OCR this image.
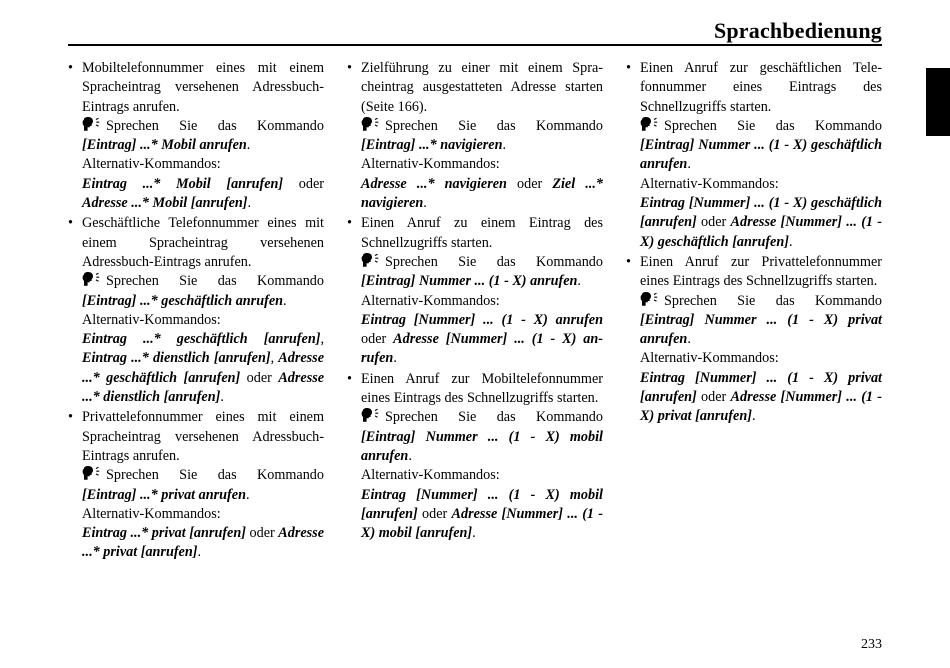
Sprachbedienung
• Mobiltelefonnummer eines mit einem Spracheintrag versehenen Adressbuch-Eintrags anrufen.
Sprechen Sie das Kommando [Eintrag] ...* Mobil anrufen.
Alternativ-Kommandos:
Eintrag ...* Mobil [anrufen] oder Adresse ...* Mobil [anrufen].
• Geschäftliche Telefonnummer eines mit einem Spracheintrag versehenen Adressbuch-Eintrags anrufen.
Sprechen Sie das Kommando [Eintrag] ...* geschäftlich anrufen.
Alternativ-Kommandos:
Eintrag ...* geschäftlich [anrufen], Eintrag ...* dienstlich [anrufen], Adresse ...* geschäftlich [anrufen] oder Adresse ...* dienstlich [anrufen].
• Privattelefonnummer eines mit einem Spracheintrag versehenen Adressbuch-Eintrags anrufen.
Sprechen Sie das Kommando [Eintrag] ...* privat anrufen.
Alternativ-Kommandos:
Eintrag ...* privat [anrufen] oder Adresse ...* privat [anrufen].
• Zielführung zu einer mit einem Spracheintrag ausgestatteten Adresse starten (Seite 166).
Sprechen Sie das Kommando [Eintrag] ...* navigieren.
Alternativ-Kommandos:
Adresse ...* navigieren oder Ziel ...* navigieren.
• Einen Anruf zu einem Eintrag des Schnellzugriffs starten.
Sprechen Sie das Kommando [Eintrag] Nummer ... (1 - X) anrufen.
Alternativ-Kommandos:
Eintrag [Nummer] ... (1 - X) anrufen oder Adresse [Nummer] ... (1 - X) anrufen.
• Einen Anruf zur Mobiltelefonnummer eines Eintrags des Schnellzugriffs starten.
Sprechen Sie das Kommando [Eintrag] Nummer ... (1 - X) mobil anrufen.
Alternativ-Kommandos:
Eintrag [Nummer] ... (1 - X) mobil [anrufen] oder Adresse [Nummer] ... (1 - X) mobil [anrufen].
• Einen Anruf zur geschäftlichen Telefonnummer eines Eintrags des Schnellzugriffs starten.
Sprechen Sie das Kommando [Eintrag] Nummer ... (1 - X) geschäftlich anrufen.
Alternativ-Kommandos:
Eintrag [Nummer] ... (1 - X) geschäftlich [anrufen] oder Adresse [Nummer] ... (1 - X) geschäftlich [anrufen].
• Einen Anruf zur Privattelefonnummer eines Eintrags des Schnellzugriffs starten.
Sprechen Sie das Kommando [Eintrag] Nummer ... (1 - X) privat anrufen.
Alternativ-Kommandos:
Eintrag [Nummer] ... (1 - X) privat [anrufen] oder Adresse [Nummer] ... (1 - X) privat [anrufen].
233
